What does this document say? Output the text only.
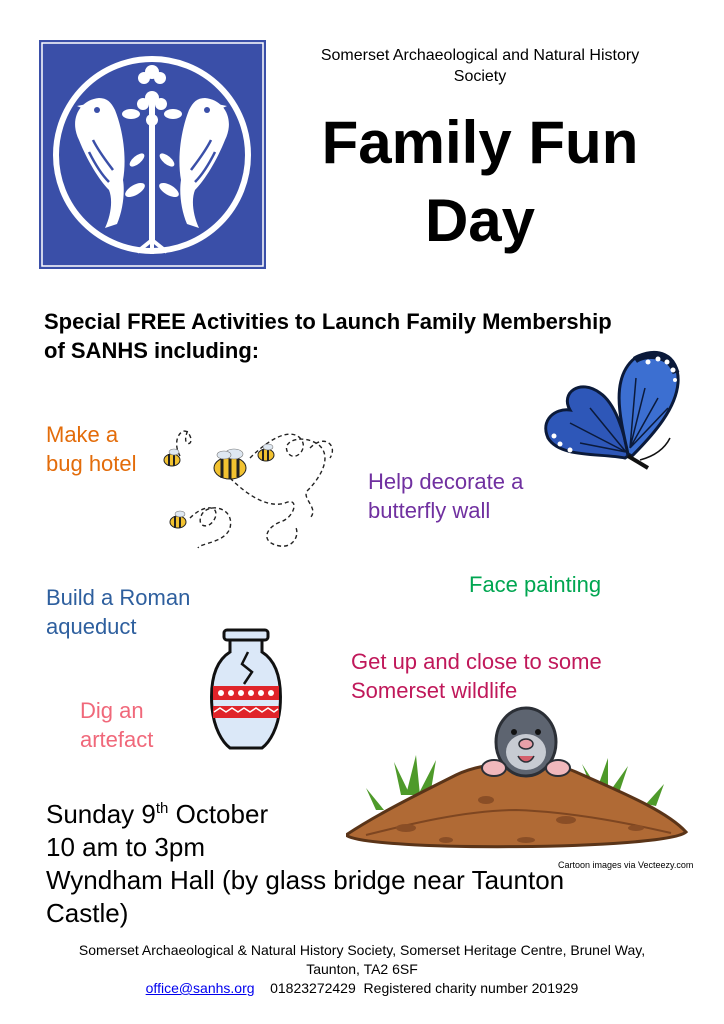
Somerset Archaeological and Natural History Society
Family Fun
Day
Special FREE Activities to Launch Family Membership
of SANHS including:
Make a
bug hotel
Help decorate a
butterfly wall
Face painting
Build a Roman
aqueduct
Get up and close to some
Somerset wildlife
Dig an
artefact
Cartoon images via Vecteezy.com
Sunday 9th October
10 am to 3pm
Wyndham Hall (by glass bridge near Taunton
Castle)
Somerset Archaeological & Natural History Society, Somerset Heritage Centre, Brunel Way,
Taunton, TA2 6SF
office@sanhs.org 01823272429 Registered charity number 201929
